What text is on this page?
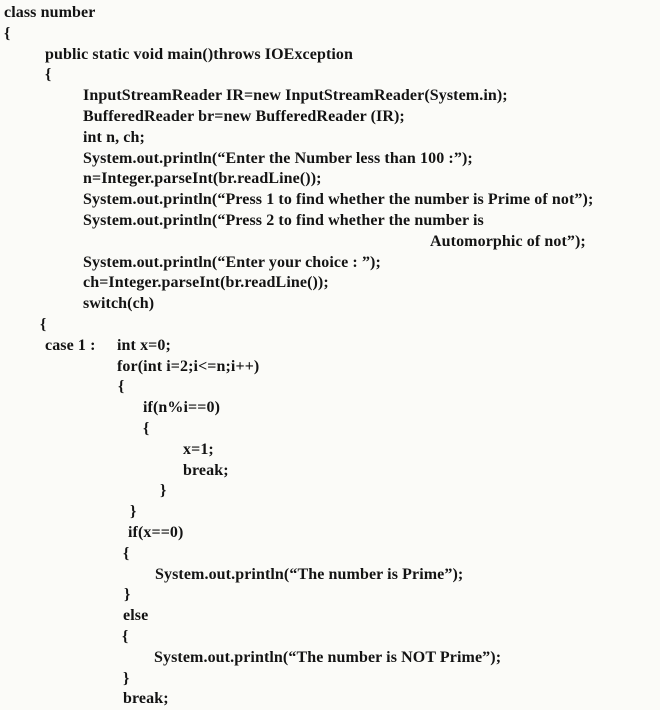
class number
{
public static void main()throws IOException
{
InputStreamReader IR=new InputStreamReader(System.in);
BufferedReader br=new BufferedReader (IR);
int n, ch;
System.out.println(“Enter the Number less than 100 :”);
n=Integer.parseInt(br.readLine());
System.out.println(“Press 1 to find whether the number is Prime of not”);
System.out.println(“Press 2 to find whether the number is
Automorphic of not”);
System.out.println(“Enter your choice : ”);
ch=Integer.parseInt(br.readLine());
switch(ch)
{
case 1 : int x=0;
for(int i=2;i<=n;i++)
{
if(n%i==0)
{
x=1;
break;
}
}
if(x==0)
{
System.out.println(“The number is Prime”);
}
else
{
System.out.println(“The number is NOT Prime”);
}
break;
